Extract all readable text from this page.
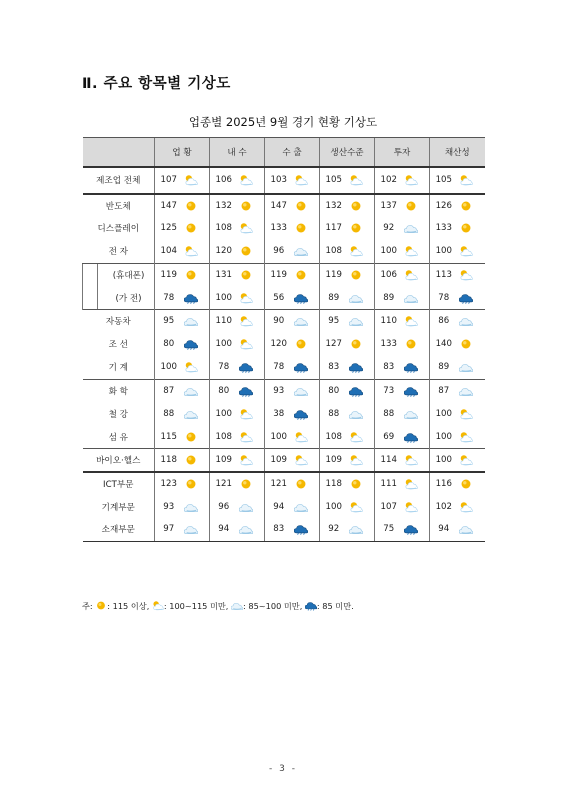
Ⅱ. 주요 항목별 기상도
업종별 2025년 9월 경기 현황 기상도
	업 황		내 수		수 출		생산수준		투자		채산성	
제조업 전체	107		106		103		105		102		105	
반도체	147		132		147		132		137		126	
디스플레이	125		108		133		117		92		133	
전 자	104		120		96		108		100		100	
(휴대폰)	119		131		119		119		106		113	
(가 전)	78		100		56		89		89		78	
자동차	95		110		90		95		110		86	
조 선	80		100		120		127		133		140	
기 계	100		78		78		83		83		89	
화 학	87		80		93		80		73		87	
철 강	88		100		38		88		88		100	
섬 유	115		108		100		108		69		100	
바이오·헬스	118		109		109		109		114		100	
ICT부문	123		121		121		118		111		116	
기계부문	93		96		94		100		107		102	
소재부문	97		94		83		92		75		94	
주: : 115 이상, : 100~115 미만, : 85~100 미만, : 85 미만.
- 3 -
